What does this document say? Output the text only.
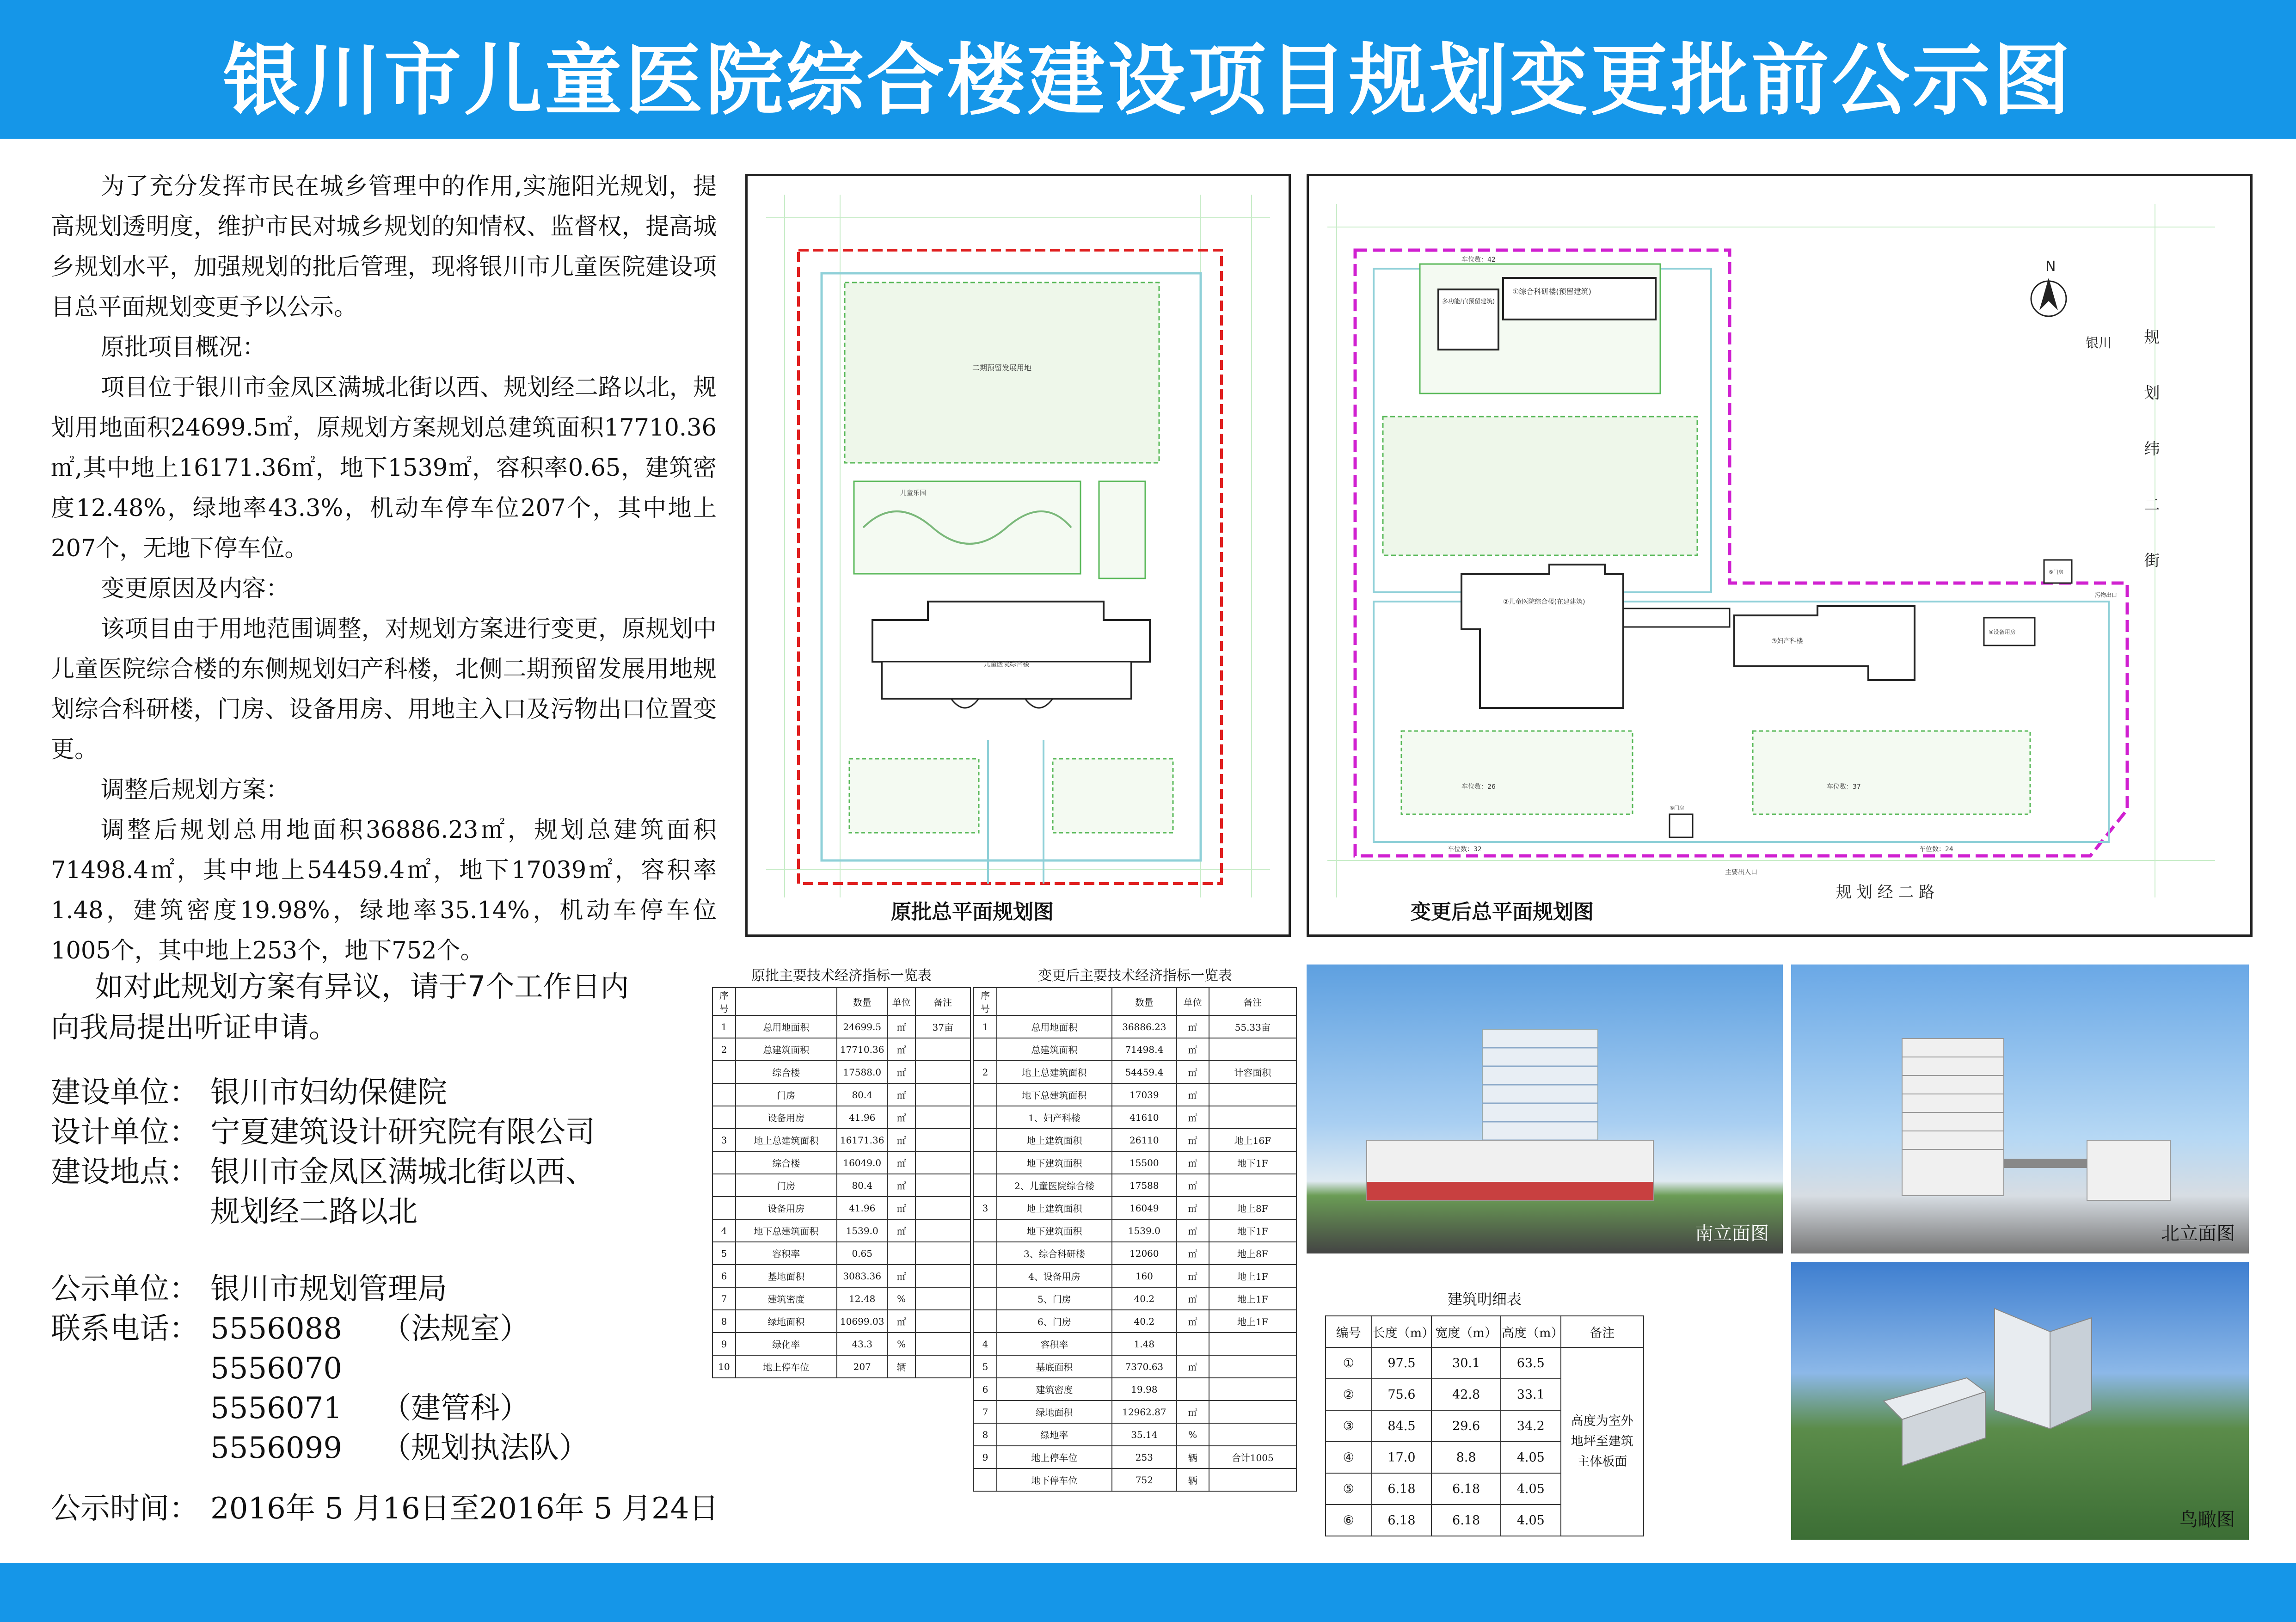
银川市儿童医院综合楼建设项目规划变更批前公示图

为了充分发挥市民在城乡管理中的作用,实施阳光规划，提高规划透明度，维护市民对城乡规划的知情权、监督权，提高城乡规划水平，加强规划的批后管理，现将银川市儿童医院建设项目总平面规划变更予以公示。

原批项目概况：

项目位于银川市金凤区满城北街以西、规划经二路以北，规划用地面积24699.5㎡，原规划方案规划总建筑面积17710.36㎡,其中地上16171.36㎡，地下1539㎡，容积率0.65，建筑密度12.48%，绿地率43.3%，机动车停车位207个，其中地上207个，无地下停车位。

变更原因及内容：

该项目由于用地范围调整，对规划方案进行变更，原规划中儿童医院综合楼的东侧规划妇产科楼，北侧二期预留发展用地规划综合科研楼，门房、设备用房、用地主入口及污物出口位置变更。

调整后规划方案：

调整后规划总用地面积36886.23㎡，规划总建筑面积71498.4㎡，其中地上54459.4㎡，地下17039㎡，容积率1.48，建筑密度19.98%，绿地率35.14%，机动车停车位1005个，其中地上253个，地下752个。

如对此规划方案有异议，请于7个工作日内

向我局提出听证申请。

建设单位： 银川市妇幼保健院
设计单位： 宁夏建筑设计研究院有限公司
建设地点： 银川市金凤区满城北街以西、
规划经二路以北
公示单位： 银川市规划管理局
联系电话： 5556088	（法规室）
5556070
5556071	（建管科）
5556099	（规划执法队）
公示时间： 2016年 5 月16日至2016年 5 月24日
二期预留发展用地
儿童乐园
儿童医院综合楼
原批总平面规划图
①综合科研楼(预留建筑)
多功能厅(预留建筑)
车位数：42
②儿童医院综合楼(在建建筑)
③妇产科楼
④设备用房
⑤门房
⑥门房
车位数：26	车位数：37
车位数：32	车位数：24
主要出入口
污物出口
N
银川 规 划 纬 二 街
规 划 经 二 路
变更后总平面规划图
原批主要技术经济指标一览表
序号		数量	单位	备注
1	总用地面积	24699.5	㎡	37亩
2	总建筑面积	17710.36	㎡	
	综合楼	17588.0	㎡	
	门房	80.4	㎡	
	设备用房	41.96	㎡	
3	地上总建筑面积	16171.36	㎡	
	综合楼	16049.0	㎡	
	门房	80.4	㎡	
	设备用房	41.96	㎡	
4	地下总建筑面积	1539.0	㎡	
5	容积率	0.65		
6	基地面积	3083.36	㎡	
7	建筑密度	12.48	%	
8	绿地面积	10699.03	㎡	
9	绿化率	43.3	%	
10	地上停车位	207	辆	
变更后主要技术经济指标一览表
序号		数量	单位	备注
1	总用地面积	36886.23	㎡	55.33亩
	总建筑面积	71498.4	㎡	
2	地上总建筑面积	54459.4	㎡	计容面积
	地下总建筑面积	17039	㎡	
	1、妇产科楼	41610	㎡	
	地上建筑面积	26110	㎡	地上16F
	地下建筑面积	15500	㎡	地下1F
	2、儿童医院综合楼	17588	㎡	
3	地上建筑面积	16049	㎡	地上8F
	地下建筑面积	1539.0	㎡	地下1F
	3、综合科研楼	12060	㎡	地上8F
	4、设备用房	160	㎡	地上1F
	5、门房	40.2	㎡	地上1F
	6、门房	40.2	㎡	地上1F
4	容积率	1.48		
5	基底面积	7370.63	㎡	
6	建筑密度	19.98		
7	绿地面积	12962.87	㎡	
8	绿地率	35.14	%	
9	地上停车位	253	辆	合计1005
	地下停车位	752	辆	
南立面图	北立面图
鸟瞰图
建筑明细表
编号	长度（m）	宽度（m）	高度（m）	备注
①	97.5	30.1	63.5	高度为室外地坪至建筑主体板面
②	75.6	42.8	33.1	
③	84.5	29.6	34.2	
④	17.0	8.8	4.05	
⑤	6.18	6.18	4.05	
⑥	6.18	6.18	4.05	
